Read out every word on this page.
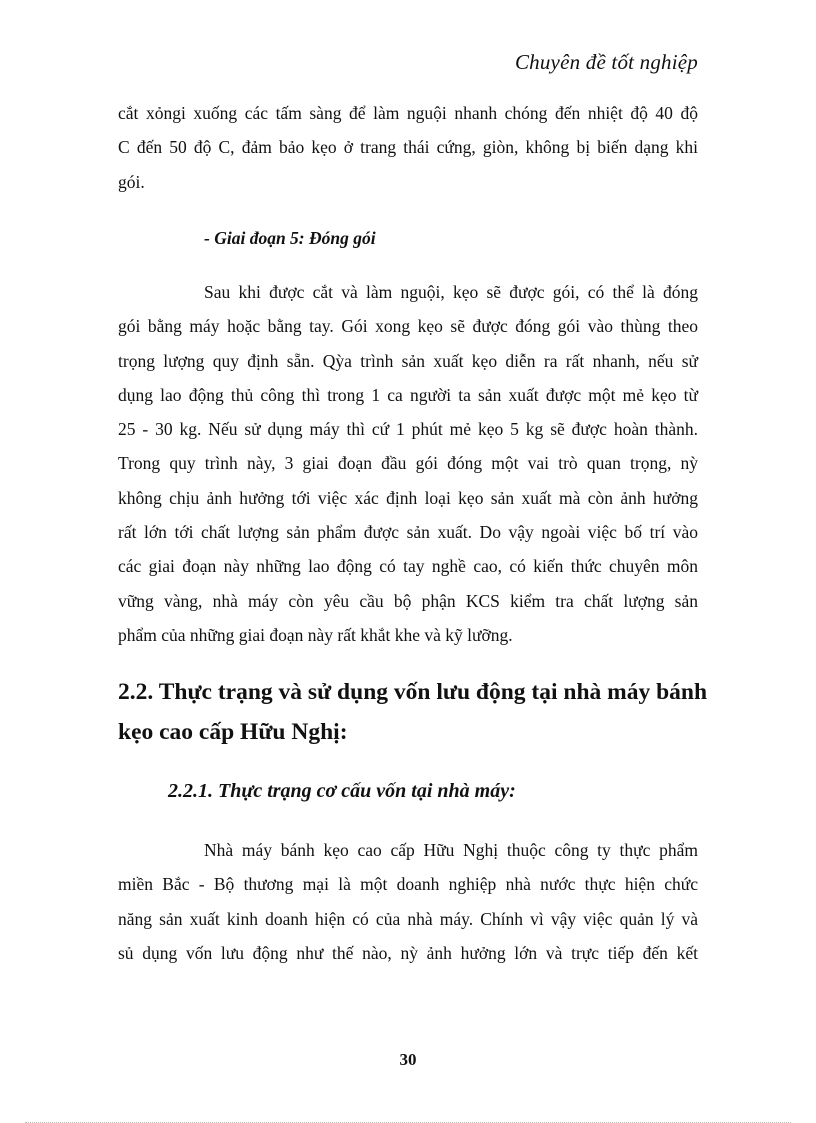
Chuyên đề tốt nghiệp
cắt xỏngi xuống các tấm sàng để làm nguội nhanh chóng đến nhiệt độ 40 độ
C đến 50 độ C, đảm bảo kẹo ở trang thái cứng, giòn, không bị biến dạng khi
gói.
- Giai đoạn 5: Đóng gói
Sau khi được cắt và làm nguội, kẹo sẽ được gói, có thể là đóng
gói bằng máy hoặc bằng tay. Gói xong kẹo sẽ được đóng gói vào thùng theo
trọng lượng quy định sẵn. Qỳa trình sản xuất kẹo diễn ra rất nhanh, nếu sử
dụng lao động thủ công thì trong 1 ca người ta sản xuất được một mẻ kẹo từ
25 - 30 kg. Nếu sử dụng máy thì cứ 1 phút mẻ kẹo 5 kg sẽ được hoàn thành.
Trong quy trình này, 3 giai đoạn đầu gói đóng một vai trò quan trọng, nỳ
không chịu ảnh hưởng tới việc xác định loại kẹo sản xuất mà còn ảnh hưởng
rất lớn tới chất lượng sản phẩm được sản xuất. Do vậy ngoài việc bố trí vào
các giai đoạn này những lao động có tay nghề cao, có kiến thức chuyên môn
vững vàng, nhà máy còn yêu cầu bộ phận KCS kiểm tra chất lượng sản
phẩm của những giai đoạn này rất khắt khe và kỹ lưỡng.
2.2. Thực trạng và sử dụng vốn lưu động tại nhà máy bánh
kẹo cao cấp Hữu Nghị:
2.2.1. Thực trạng cơ cấu vốn tại nhà máy:
Nhà máy bánh kẹo cao cấp Hữu Nghị thuộc công ty thực phẩm
miền Bắc - Bộ thương mại là một doanh nghiệp nhà nước thực hiện chức
năng sản xuất kinh doanh hiện có của nhà máy. Chính vì vậy việc quản lý và
sủ dụng vốn lưu động như thế nào, nỳ ảnh hưởng lớn và trực tiếp đến kết
30
